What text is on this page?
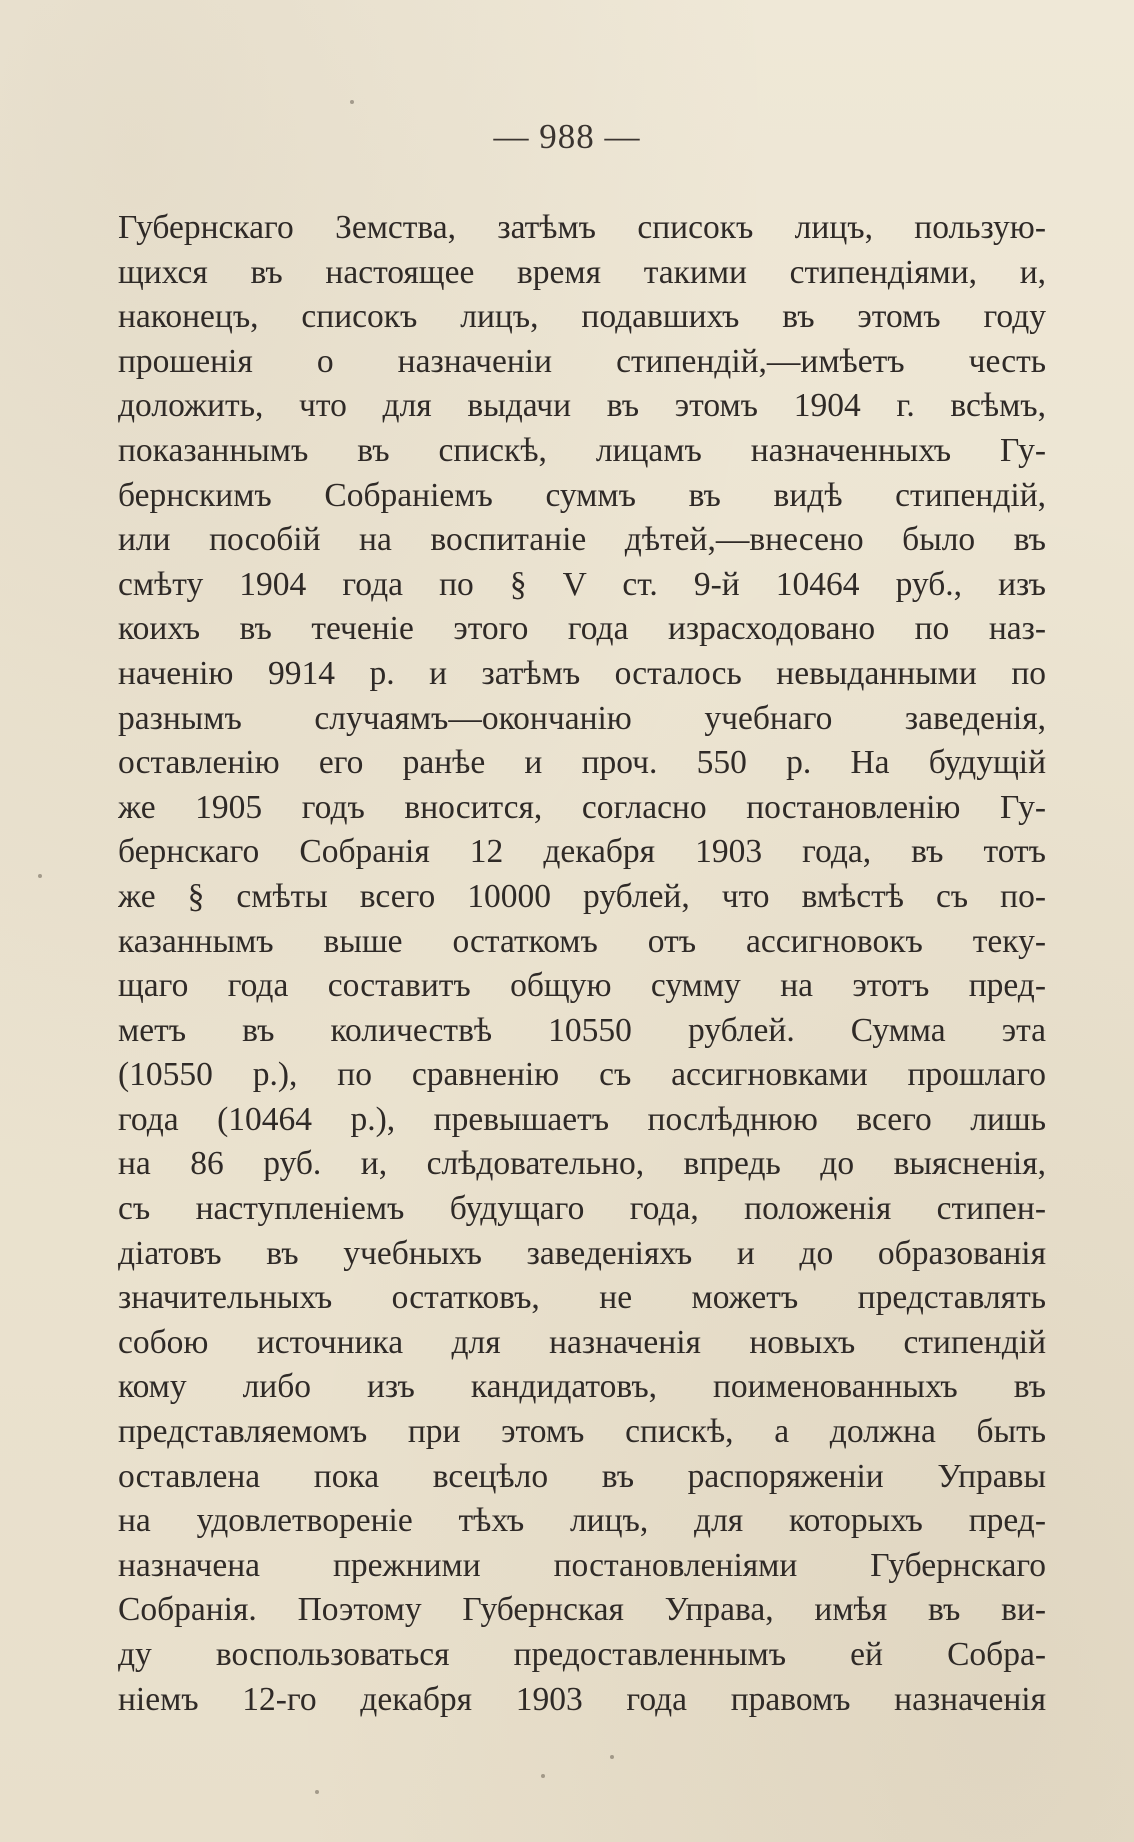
— 988 —
Губернскаго Земства, затѣмъ списокъ лицъ, пользую-
щихся въ настоящее время такими стипендіями, и,
наконецъ, списокъ лицъ, подавшихъ въ этомъ году
прошенія о назначеніи стипендій,—имѣетъ честь
доложить, что для выдачи въ этомъ 1904 г. всѣмъ,
показаннымъ въ спискѣ, лицамъ назначенныхъ Гу-
бернскимъ Собраніемъ суммъ въ видѣ стипендій,
или пособій на воспитаніе дѣтей,—внесено было въ
смѣту 1904 года по § V ст. 9-й 10464 руб., изъ
коихъ въ теченіе этого года израсходовано по наз-
наченію 9914 р. и затѣмъ осталось невыданными по
разнымъ случаямъ—окончанію учебнаго заведенія,
оставленію его ранѣе и проч. 550 р. На будущій
же 1905 годъ вносится, согласно постановленію Гу-
бернскаго Собранія 12 декабря 1903 года, въ тотъ
же § смѣты всего 10000 рублей, что вмѣстѣ съ по-
казаннымъ выше остаткомъ отъ ассигновокъ теку-
щаго года составитъ общую сумму на этотъ пред-
метъ въ количествѣ 10550 рублей. Сумма эта
(10550 р.), по сравненію съ ассигновками прошлаго
года (10464 р.), превышаетъ послѣднюю всего лишь
на 86 руб. и, слѣдовательно, впредь до выясненія,
съ наступленіемъ будущаго года, положенія стипен-
діатовъ въ учебныхъ заведеніяхъ и до образованія
значительныхъ остатковъ, не можетъ представлять
собою источника для назначенія новыхъ стипендій
кому либо изъ кандидатовъ, поименованныхъ въ
представляемомъ при этомъ спискѣ, а должна быть
оставлена пока всецѣло въ распоряженіи Управы
на удовлетвореніе тѣхъ лицъ, для которыхъ пред-
назначена прежними постановленіями Губернскаго
Собранія. Поэтому Губернская Управа, имѣя въ ви-
ду воспользоваться предоставленнымъ ей Собра-
ніемъ 12-го декабря 1903 года правомъ назначенія
